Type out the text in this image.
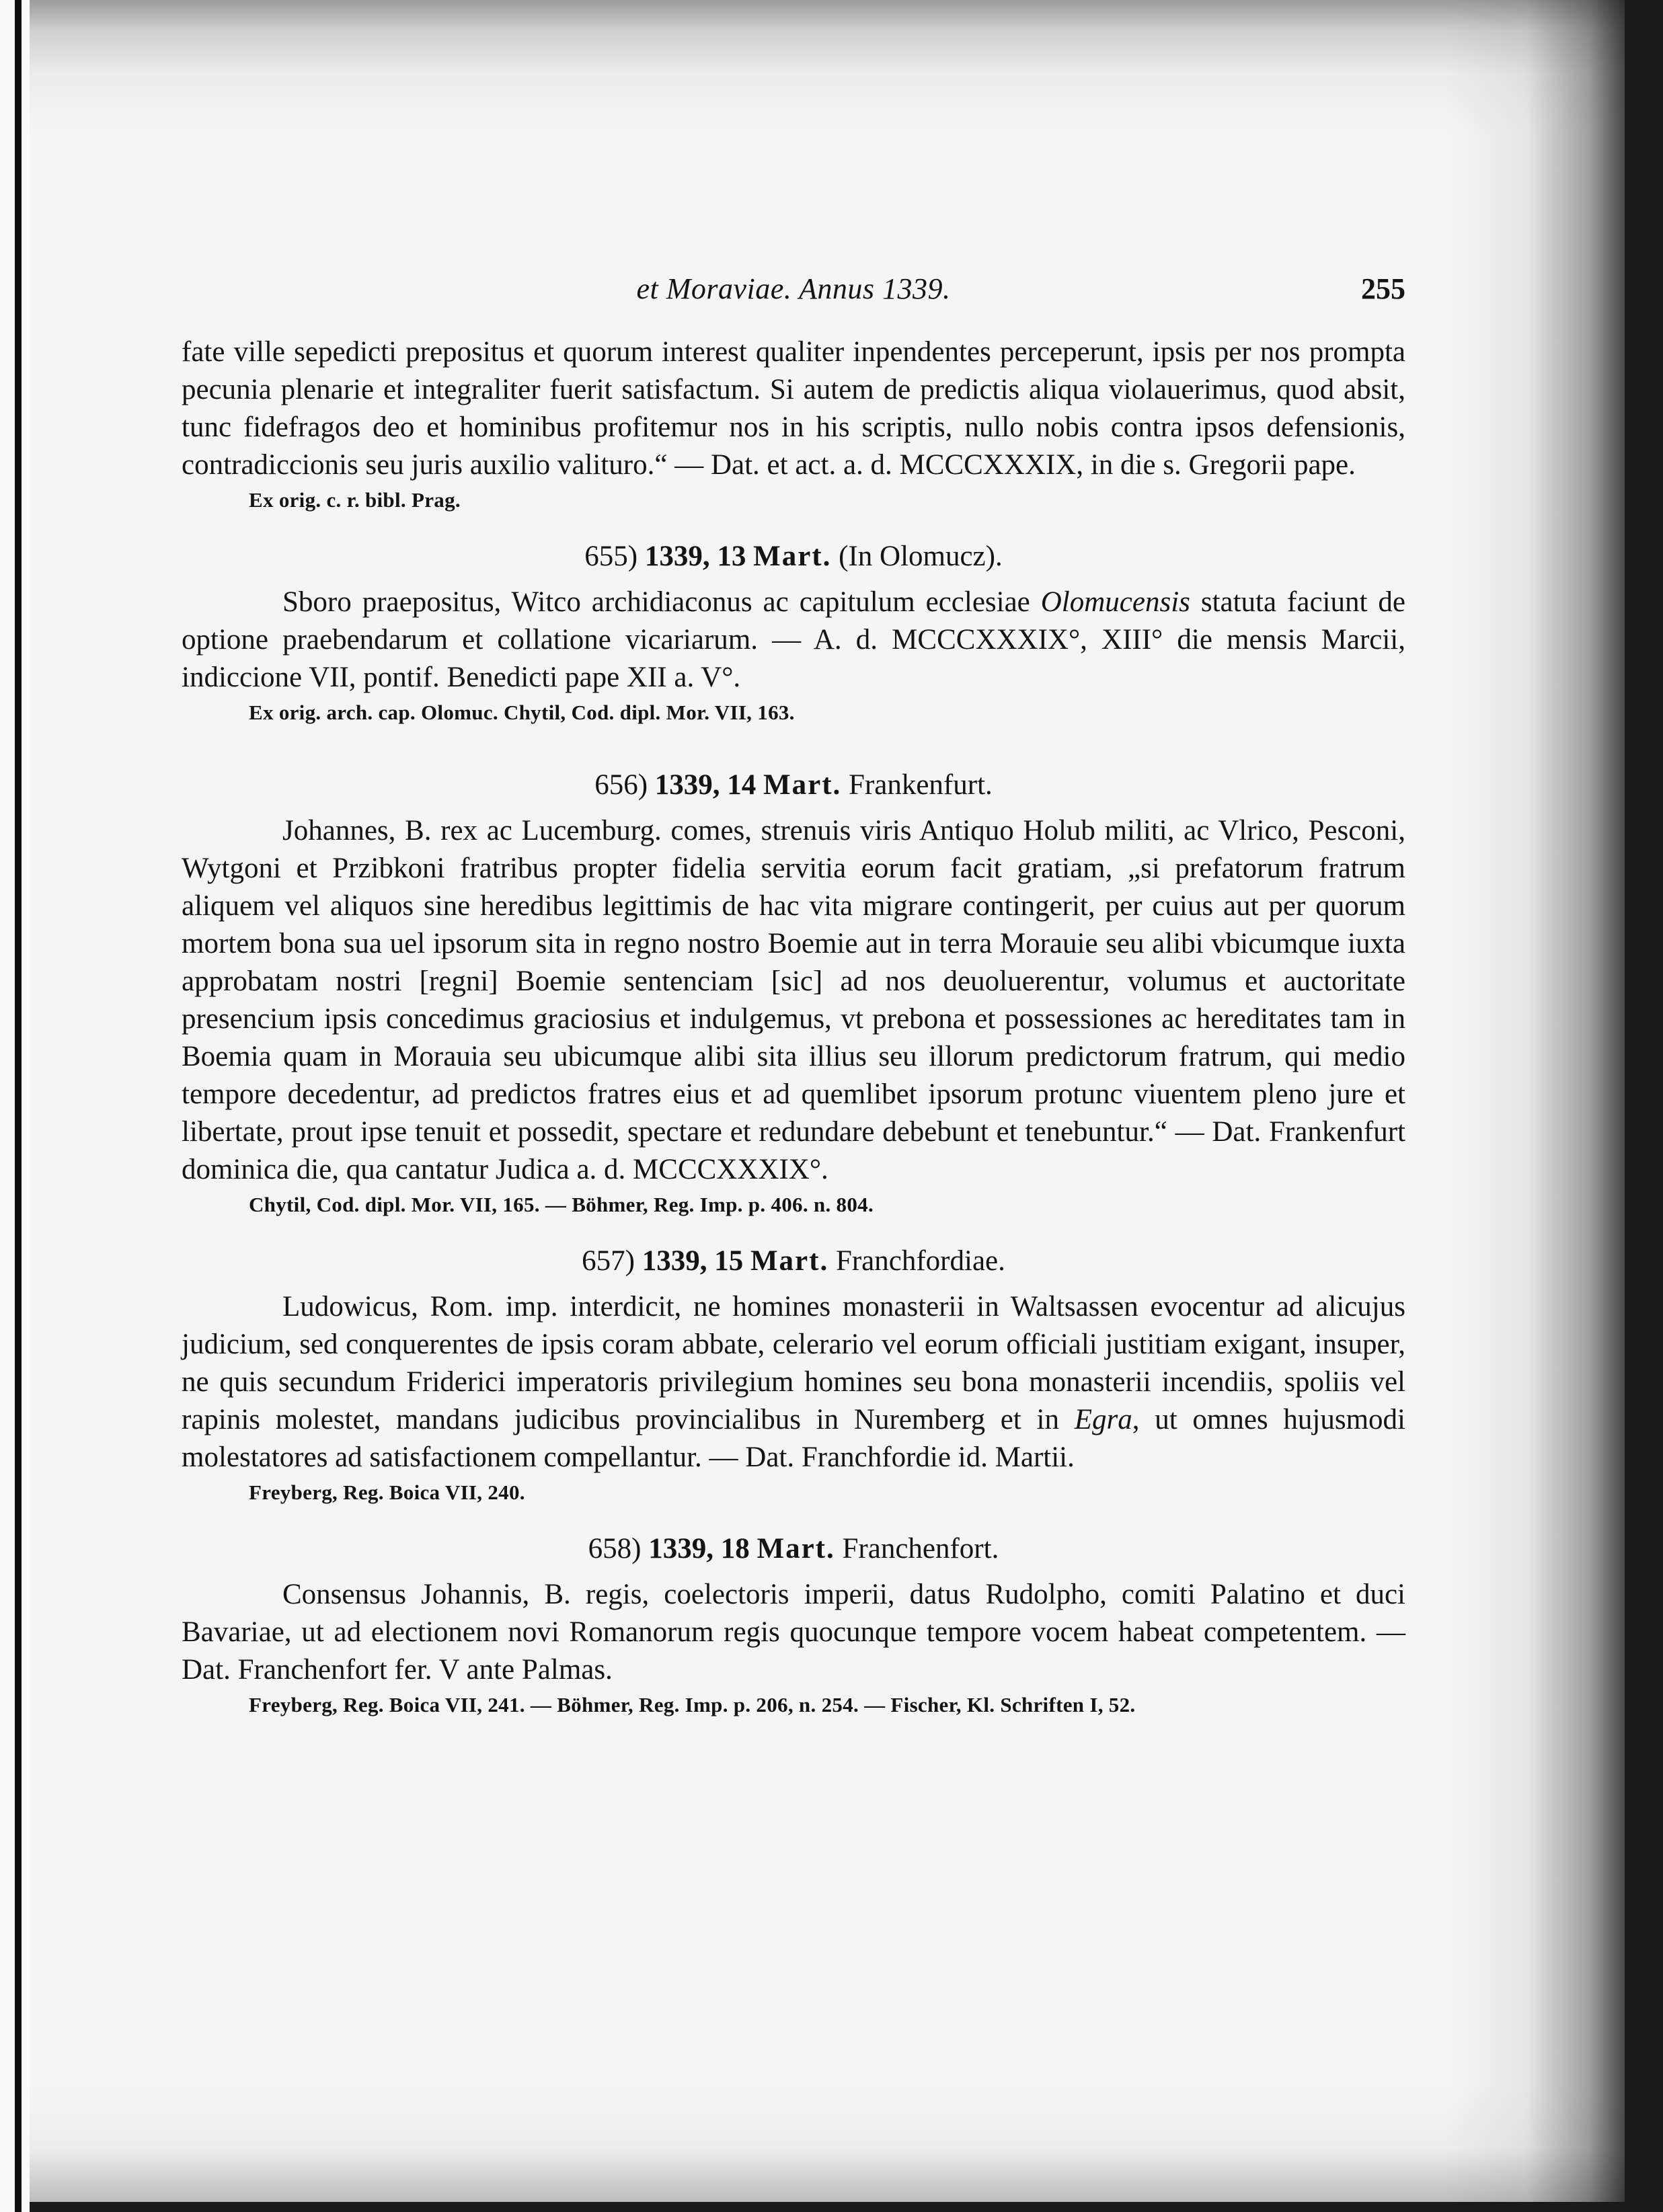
et Moraviae. Annus 1339.	255

fate ville sepedicti prepositus et quorum interest qualiter inpendentes perceperunt, ipsis per nos prompta pecunia plenarie et integraliter fuerit satisfactum. Si autem de predictis aliqua violauerimus, quod absit, tunc fidefragos deo et hominibus profitemur nos in his scriptis, nullo nobis contra ipsos defensionis, contradiccionis seu juris auxilio valituro.“ — Dat. et act. a. d. MCCCXXXIX, in die s. Gregorii pape.

Ex orig. c. r. bibl. Prag.

655) 1339, 13 Mart. (In Olomucz).

Sboro praepositus, Witco archidiaconus ac capitulum ecclesiae Olomucensis statuta faciunt de optione praebendarum et collatione vicariarum. — A. d. MCCCXXXIX°, XIII° die mensis Marcii, indiccione VII, pontif. Benedicti pape XII a. V°.

Ex orig. arch. cap. Olomuc. Chytil, Cod. dipl. Mor. VII, 163.

656) 1339, 14 Mart. Frankenfurt.

Johannes, B. rex ac Lucemburg. comes, strenuis viris Antiquo Holub militi, ac Vlrico, Pesconi, Wytgoni et Przibkoni fratribus propter fidelia servitia eorum facit gratiam, „si prefatorum fratrum aliquem vel aliquos sine heredibus legittimis de hac vita migrare contingerit, per cuius aut per quorum mortem bona sua uel ipsorum sita in regno nostro Boemie aut in terra Morauie seu alibi vbicumque iuxta approbatam nostri [regni] Boemie sentenciam [sic] ad nos deuoluerentur, volumus et auctoritate presencium ipsis concedimus graciosius et indulgemus, vt prebona et possessiones ac hereditates tam in Boemia quam in Morauia seu ubicumque alibi sita illius seu illorum predictorum fratrum, qui medio tempore decedentur, ad predictos fratres eius et ad quemlibet ipsorum protunc viuentem pleno jure et libertate, prout ipse tenuit et possedit, spectare et redundare debebunt et tenebuntur.“ — Dat. Frankenfurt dominica die, qua cantatur Judica a. d. MCCCXXXIX°.

Chytil, Cod. dipl. Mor. VII, 165. — Böhmer, Reg. Imp. p. 406. n. 804.

657) 1339, 15 Mart. Franchfordiae.

Ludowicus, Rom. imp. interdicit, ne homines monasterii in Waltsassen evocentur ad alicujus judicium, sed conquerentes de ipsis coram abbate, celerario vel eorum officiali justitiam exigant, insuper, ne quis secundum Friderici imperatoris privilegium homines seu bona monasterii incendiis, spoliis vel rapinis molestet, mandans judicibus provincialibus in Nuremberg et in Egra, ut omnes hujusmodi molestatores ad satisfactionem compellantur. — Dat. Franchfordie id. Martii.

Freyberg, Reg. Boica VII, 240.

658) 1339, 18 Mart. Franchenfort.

Consensus Johannis, B. regis, coelectoris imperii, datus Rudolpho, comiti Palatino et duci Bavariae, ut ad electionem novi Romanorum regis quocunque tempore vocem habeat competentem. — Dat. Franchenfort fer. V ante Palmas.

Freyberg, Reg. Boica VII, 241. — Böhmer, Reg. Imp. p. 206, n. 254. — Fischer, Kl. Schriften I, 52.
